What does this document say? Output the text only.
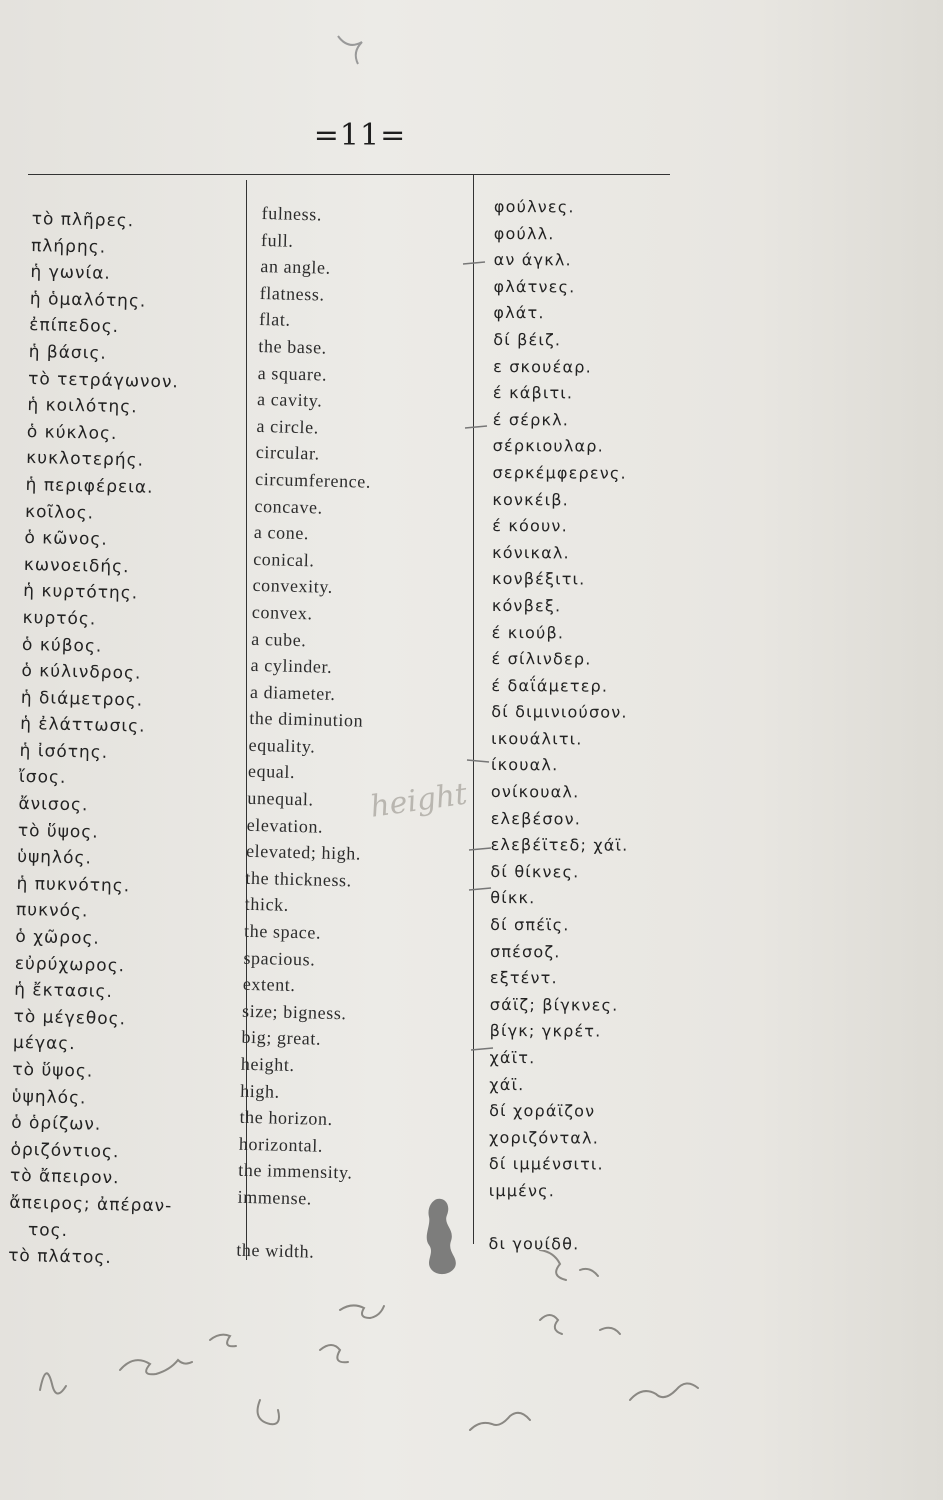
=11=
τὸ πλῆρες.
πλήρης.
ἡ γωνία.
ἡ ὁμαλότης.
ἐπίπεδος.
ἡ βάσις.
τὸ τετράγωνον.
ἡ κοιλότης.
ὁ κύκλος.
κυκλοτερής.
ἡ περιφέρεια.
κοῖλος.
ὁ κῶνος.
κωνοειδής.
ἡ κυρτότης.
κυρτός.
ὁ κύβος.
ὁ κύλινδρος.
ἡ διάμετρος.
ἡ ἐλάττωσις.
ἡ ἰσότης.
ἴσος.
ἄνισος.
τὸ ὕψος.
ὑψηλός.
ἡ πυκνότης.
πυκνός.
ὁ χῶρος.
εὐρύχωρος.
ἡ ἔκτασις.
τὸ μέγεθος.
μέγας.
τὸ ὕψος.
ὑψηλός.
ὁ ὁρίζων.
ὁριζόντιος.
τὸ ἄπειρον.
ἄπειρος; ἀπέραν-
τος.
τὸ πλάτος.
fulness.
full.
an angle.
flatness.
flat.
the base.
a square.
a cavity.
a circle.
circular.
circumference.
concave.
a cone.
conical.
convexity.
convex.
a cube.
a cylinder.
a diameter.
the diminution
equality.
equal.
unequal.
elevation.
elevated; high.
the thickness.
thick.
the space.
spacious.
extent.
size; bigness.
big; great.
height.
high.
the horizon.
horizontal.
the immensity.
immense.
the width.
φούλνες.
φούλλ.
αν άγκλ.
φλάτνες.
φλάτ.
δί βέιζ.
ε σκουέαρ.
έ κάβιτι.
έ σέρκλ.
σέρκιουλαρ.
σερκέμφερενς.
κονκέιβ.
έ κόουν.
κόνικαλ.
κονβέξιτι.
κόνβεξ.
έ κιούβ.
έ σίλινδερ.
έ δαΐάμετερ.
δί διμινιούσον.
ικουάλιτι.
ίκουαλ.
ονίκουαλ.
ελεβέσον.
ελεβέϊτεδ; χάϊ.
δί θίκνες.
θίκκ.
δί σπέϊς.
σπέσοζ.
εξτέντ.
σάϊζ; βίγκνες.
βίγκ; γκρέτ.
χάϊτ.
χάϊ.
δί χοράϊζον
χοριζόνταλ.
δί ιμμένσιτι.
ιμμένς.
δι γουίδθ.
height
